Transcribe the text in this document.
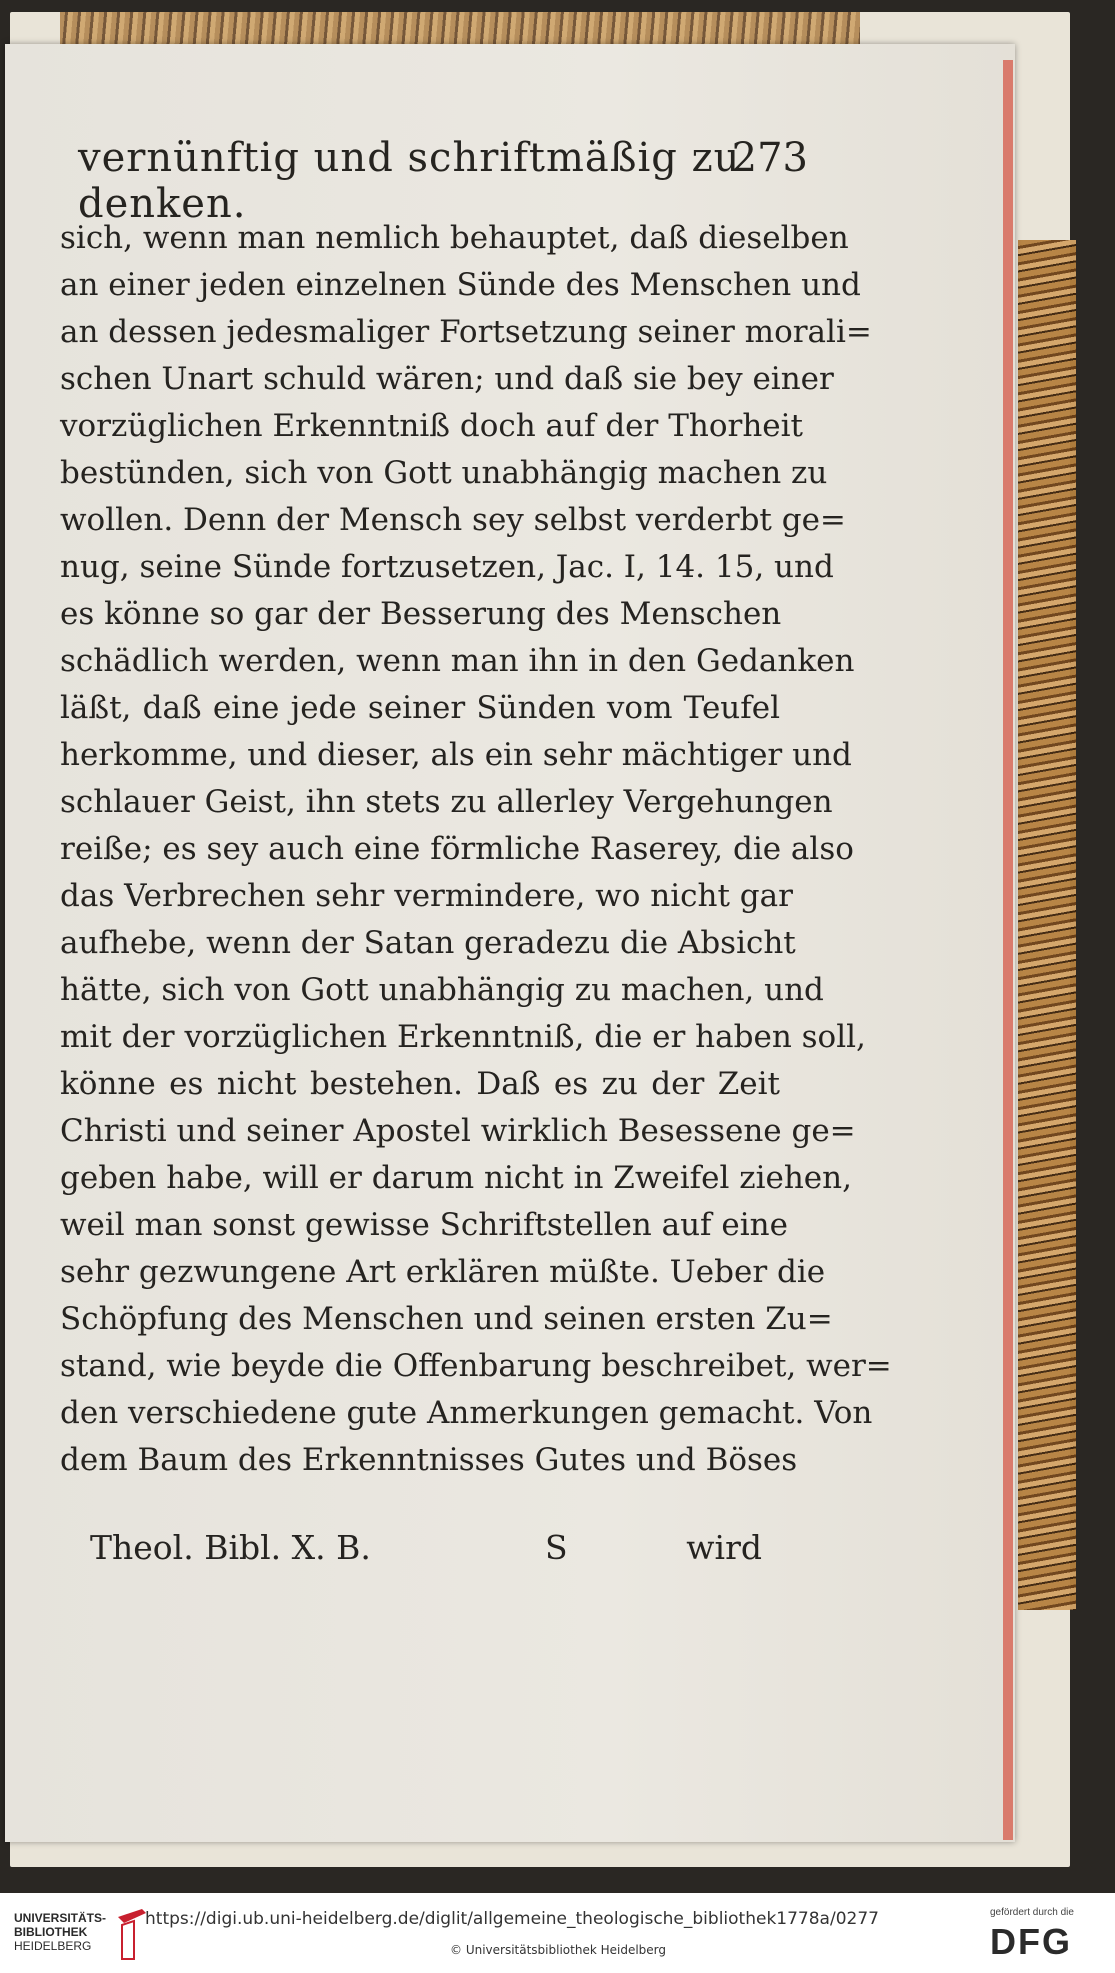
vernünftig und schriftmäßig zu denken.
273
sich, wenn man nemlich behauptet, daß dieselben
an einer jeden einzelnen Sünde des Menschen und
an dessen jedesmaliger Fortsetzung seiner morali=
schen Unart schuld wären; und daß sie bey einer
vorzüglichen Erkenntniß doch auf der Thorheit
bestünden, sich von Gott unabhängig machen zu
wollen. Denn der Mensch sey selbst verderbt ge=
nug, seine Sünde fortzusetzen, Jac. I, 14. 15, und
es könne so gar der Besserung des Menschen
schädlich werden, wenn man ihn in den Gedanken
läßt, daß eine jede seiner Sünden vom Teufel
herkomme, und dieser, als ein sehr mächtiger und
schlauer Geist, ihn stets zu allerley Vergehungen
reiße; es sey auch eine förmliche Raserey, die also
das Verbrechen sehr vermindere, wo nicht gar
aufhebe, wenn der Satan geradezu die Absicht
hätte, sich von Gott unabhängig zu machen, und
mit der vorzüglichen Erkenntniß, die er haben soll,
könne es nicht bestehen. Daß es zu der Zeit
Christi und seiner Apostel wirklich Besessene ge=
geben habe, will er darum nicht in Zweifel ziehen,
weil man sonst gewisse Schriftstellen auf eine
sehr gezwungene Art erklären müßte. Ueber die
Schöpfung des Menschen und seinen ersten Zu=
stand, wie beyde die Offenbarung beschreibet, wer=
den verschiedene gute Anmerkungen gemacht. Von
dem Baum des Erkenntnisses Gutes und Böses
Theol. Bibl. X. B.	S	wird
UNIVERSITÄTS-
BIBLIOTHEK
HEIDELBERG
https://digi.ub.uni-heidelberg.de/diglit/allgemeine_theologische_bibliothek1778a/0277
© Universitätsbibliothek Heidelberg
gefördert durch die
DFG
